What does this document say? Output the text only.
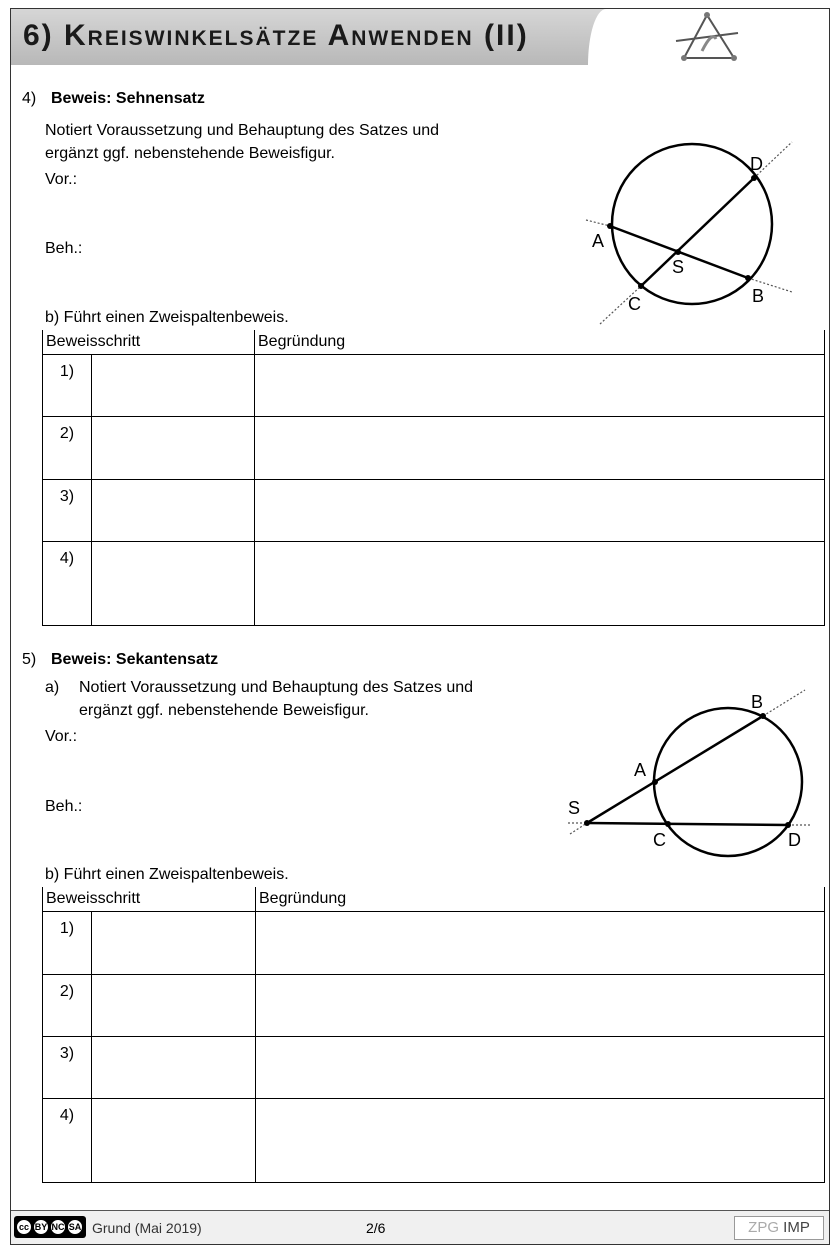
6) Kreiswinkelsätze Anwenden (II)
4) Beweis: Sehnensatz
Notiert Voraussetzung und Behauptung des Satzes und
ergänzt ggf. nebenstehende Beweisfigur.
Vor.:
Beh.:
b) Führt einen Zweispaltenbeweis.
A
B
C
D
S
Beweisschritt		Begründung
1)		
2)		
3)		
4)		
5) Beweis: Sekantensatz
a) Notiert Voraussetzung und Behauptung des Satzes und
ergänzt ggf. nebenstehende Beweisfigur.
Vor.:
Beh.:
b) Führt einen Zweispaltenbeweis.
S
A
B
C	D
Beweisschritt		Begründung
1)		
2)		
3)		
4)		
cc BY NC SA Grund (Mai 2019)	2/6	ZPG IMP
